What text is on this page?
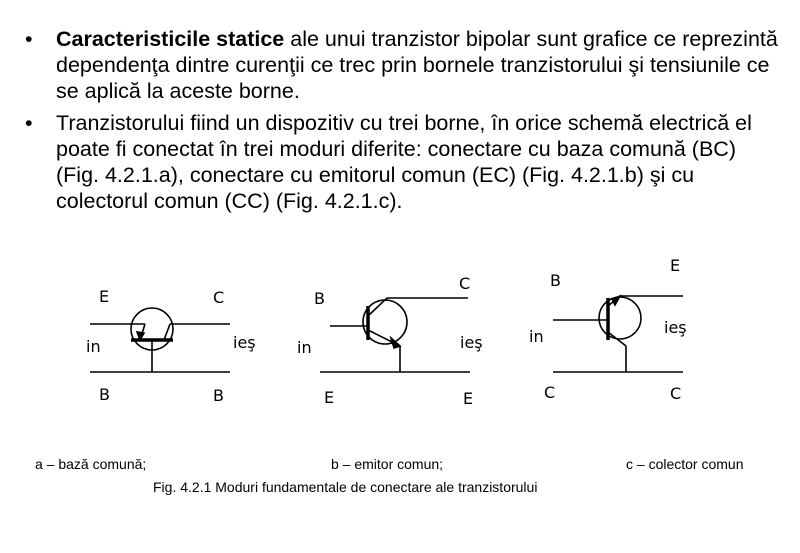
• Caracteristicile statice ale unui tranzistor bipolar sunt grafice ce reprezintă dependenţa dintre curenţii ce trec prin bornele tranzistorului şi tensiunile ce se aplică la aceste borne.
• Tranzistorului fiind un dispozitiv cu trei borne, în orice schemă electrică el poate fi conectat în trei moduri diferite: conectare cu baza comună (BC) (Fig. 4.2.1.a), conectare cu emitorul comun (EC) (Fig. 4.2.1.b) şi cu colectorul comun (CC) (Fig. 4.2.1.c).
E	C
in	ieş
B	B
B
C
in	ieş
E	E
B
E
in	ieş
C	C
a – bază comună;	b – emitor comun;	c – colector comun
Fig. 4.2.1 Moduri fundamentale de conectare ale tranzistorului
